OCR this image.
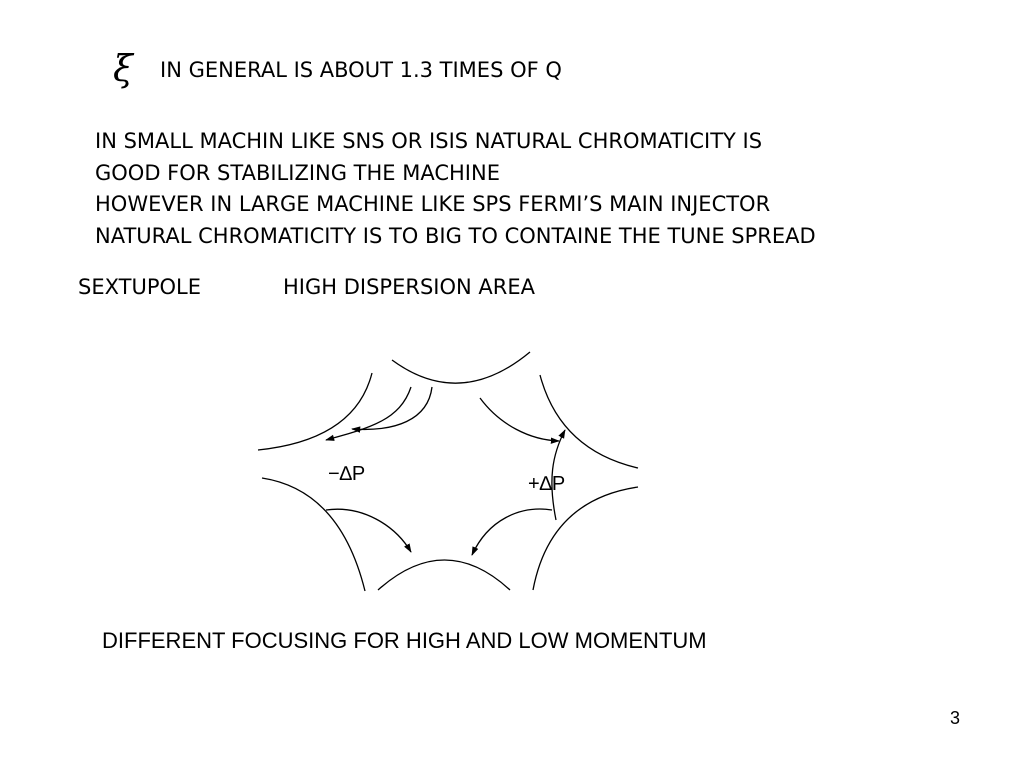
ξ IN GENERAL IS ABOUT 1.3 TIMES OF Q

IN SMALL MACHIN LIKE SNS OR ISIS NATURAL CHROMATICITY IS

GOOD FOR STABILIZING THE MACHINE

HOWEVER IN LARGE MACHINE LIKE SPS FERMI’S MAIN INJECTOR

NATURAL CHROMATICITY IS TO BIG TO CONTAINE THE TUNE SPREAD

SEXTUPOLE	HIGH DISPERSION AREA
−∆P	+∆P
DIFFERENT FOCUSING FOR HIGH AND LOW MOMENTUM
3
